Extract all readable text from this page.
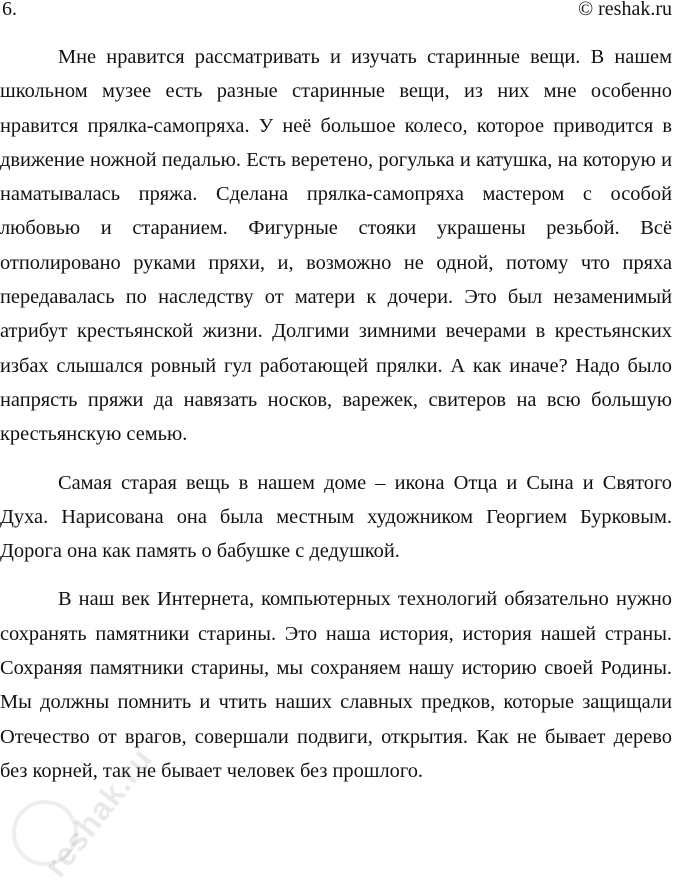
6.	© reshak.ru

Мне нравится рассматривать и изучать старинные вещи. В нашем школьном музее есть разные старинные вещи, из них мне особенно нравится прялка-самопряха. У неё большое колесо, которое приводится в движение ножной педалью. Есть веретено, рогулька и катушка, на которую и наматывалась пряжа. Сделана прялка-самопряха мастером с особой любовью и старанием. Фигурные стояки украшены резьбой. Всё отполировано руками пряхи, и, возможно не одной, потому что пряха передавалась по наследству от матери к дочери. Это был незаменимый атрибут крестьянской жизни. Долгими зимними вечерами в крестьянских избах слышался ровный гул работающей прялки. А как иначе? Надо было напрясть пряжи да навязать носков, варежек, свитеров на всю большую крестьянскую семью.

Самая старая вещь в нашем доме – икона Отца и Сына и Святого Духа. Нарисована она была местным художником Георгием Бурковым. Дорога она как память о бабушке с дедушкой.

В наш век Интернета, компьютерных технологий обязательно нужно сохранять памятники старины. Это наша история, история нашей страны. Сохраняя памятники старины, мы сохраняем нашу историю своей Родины. Мы должны помнить и чтить наших славных предков, которые защищали Отечество от врагов, совершали подвиги, открытия. Как не бывает дерево без корней, так не бывает человек без прошлого.

reshak.ru
